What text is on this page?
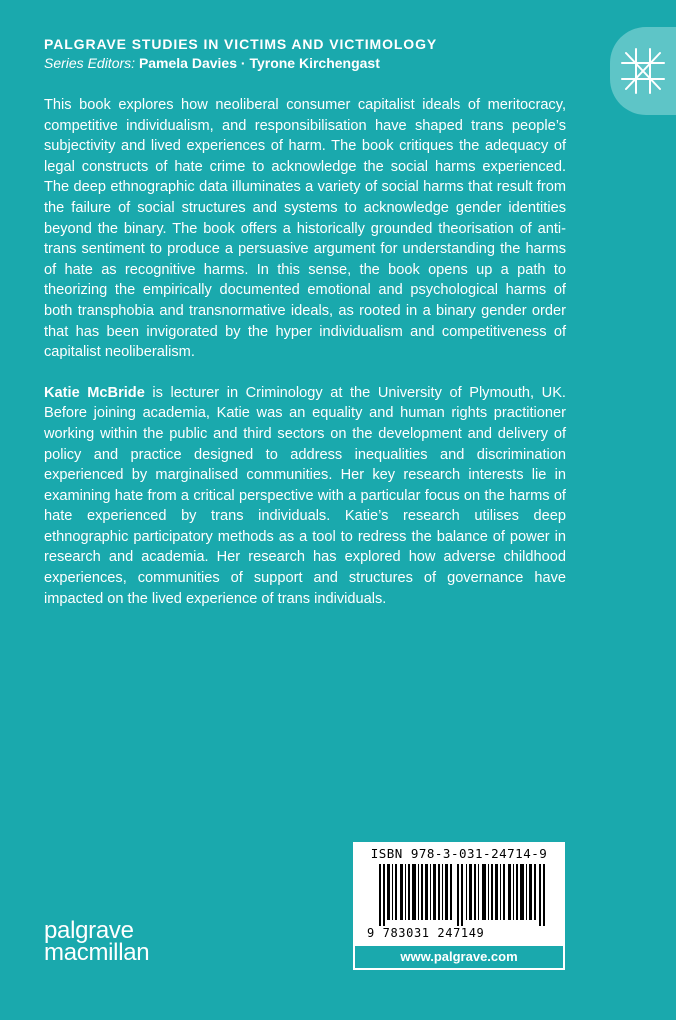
PALGRAVE STUDIES IN VICTIMS AND VICTIMOLOGY
Series Editors: Pamela Davies · Tyrone Kirchengast

This book explores how neoliberal consumer capitalist ideals of meritocracy, competitive individualism, and responsibilisation have shaped trans people’s subjectivity and lived experiences of harm. The book critiques the adequacy of legal constructs of hate crime to acknowledge the social harms experienced. The deep ethnographic data illuminates a variety of social harms that result from the failure of social structures and systems to acknowledge gender identities beyond the binary. The book offers a historically grounded theorisation of anti-trans sentiment to produce a persuasive argument for understanding the harms of hate as recognitive harms. In this sense, the book opens up a path to theorizing the empirically documented emotional and psychological harms of both transphobia and transnormative ideals, as rooted in a binary gender order that has been invigorated by the hyper individualism and competitiveness of capitalist neoliberalism.

Katie McBride is lecturer in Criminology at the University of Plymouth, UK. Before joining academia, Katie was an equality and human rights practitioner working within the public and third sectors on the development and delivery of policy and practice designed to address inequalities and discrimination experienced by marginalised communities. Her key research interests lie in examining hate from a critical perspective with a particular focus on the harms of hate experienced by trans individuals. Katie’s research utilises deep ethnographic participatory methods as a tool to redress the balance of power in research and academia. Her research has explored how adverse childhood experiences, communities of support and structures of governance have impacted on the lived experience of trans individuals.

ISBN 978-3-031-24714-9
9 783031 247149
www.palgrave.com
palgrave
macmillan
